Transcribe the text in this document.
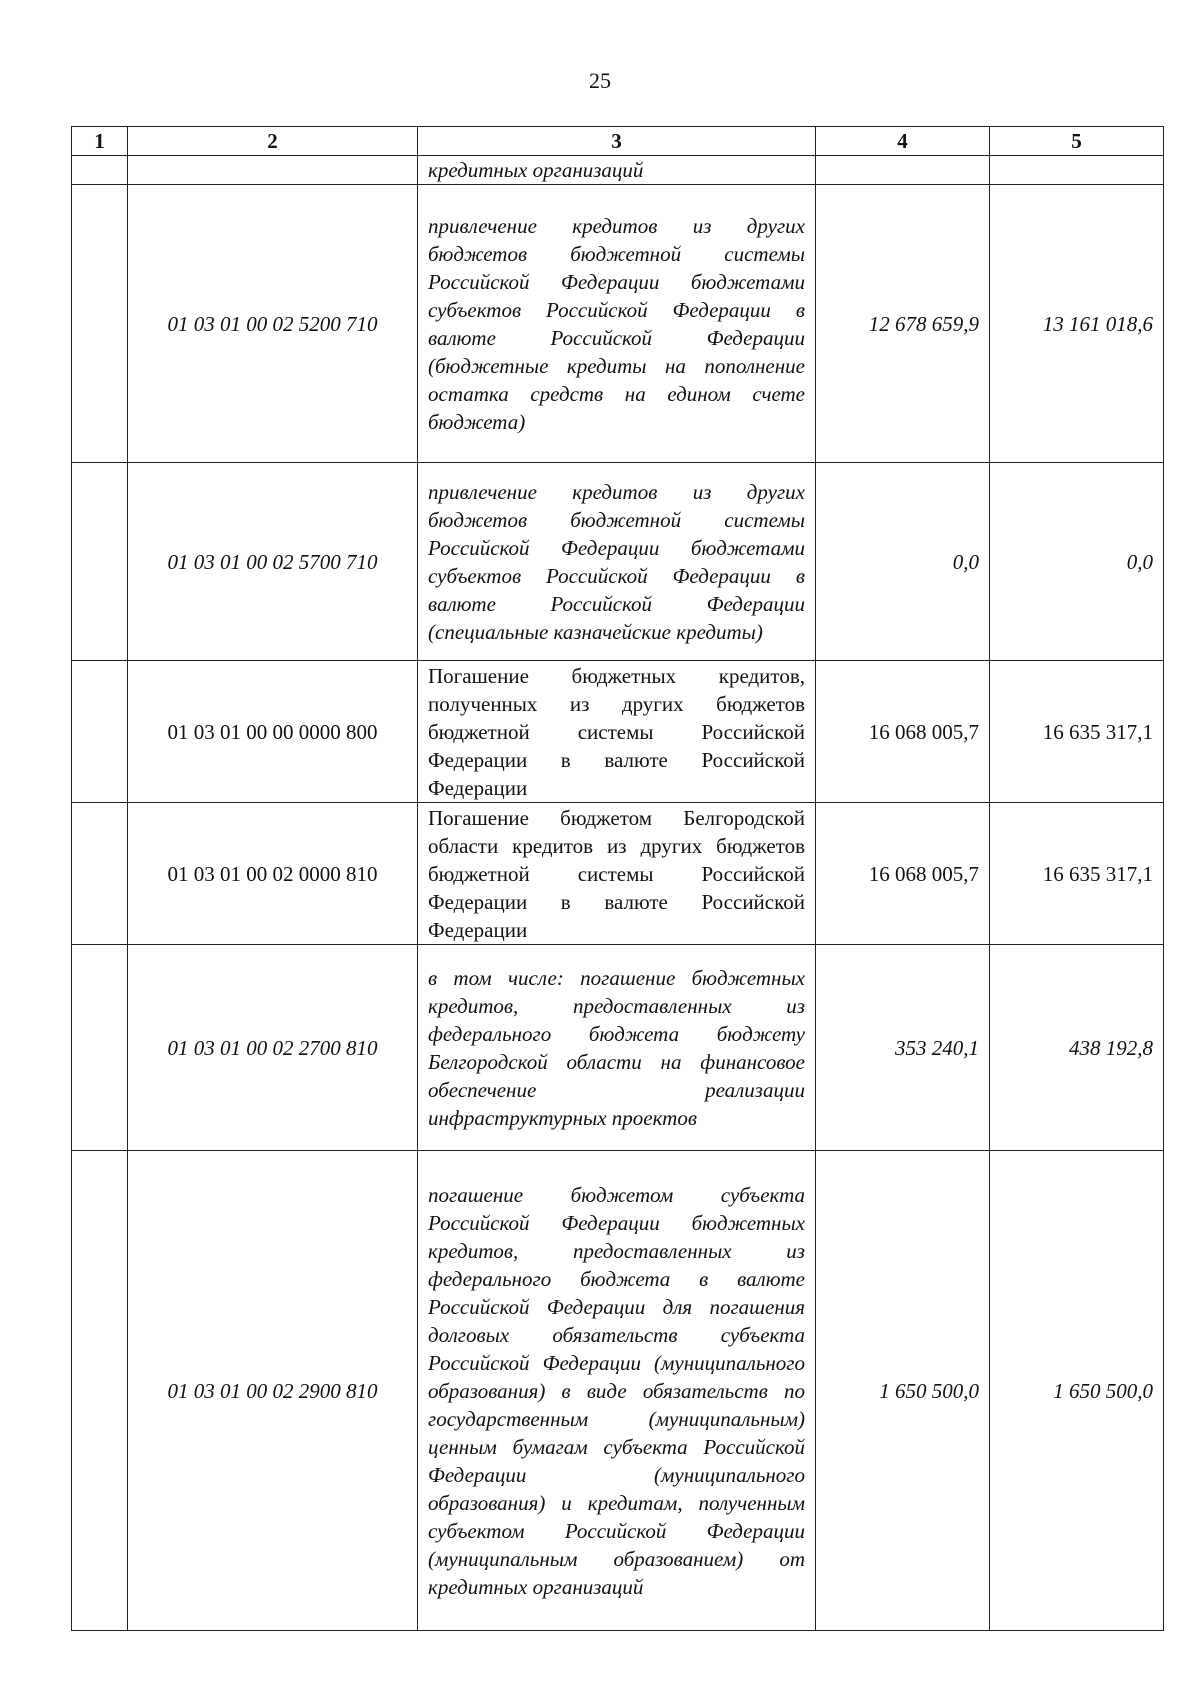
25
1	2	3	4	5
		кредитных организаций		
	01 03 01 00 02 5200 710	привлечение кредитов из других бюджетов бюджетной системы Российской Федерации бюджетами субъектов Российской Федерации в валюте Российской Федерации (бюджетные кредиты на пополнение остатка средств на едином счете бюджета)	12 678 659,9	13 161 018,6
	01 03 01 00 02 5700 710	привлечение кредитов из других бюджетов бюджетной системы Российской Федерации бюджетами субъектов Российской Федерации в валюте Российской Федерации (специальные казначейские кредиты)	0,0	0,0
	01 03 01 00 00 0000 800	Погашение бюджетных кредитов, полученных из других бюджетов бюджетной системы Российской Федерации в валюте Российской Федерации	16 068 005,7	16 635 317,1
	01 03 01 00 02 0000 810	Погашение бюджетом Белгородской области кредитов из других бюджетов бюджетной системы Российской Федерации в валюте Российской Федерации	16 068 005,7	16 635 317,1
	01 03 01 00 02 2700 810	в том числе: погашение бюджетных кредитов, предоставленных из федерального бюджета бюджету Белгородской области на финансовое обеспечение реализации инфраструктурных проектов	353 240,1	438 192,8
	01 03 01 00 02 2900 810	погашение бюджетом субъекта Российской Федерации бюджетных кредитов, предоставленных из федерального бюджета в валюте Российской Федерации для погашения долговых обязательств субъекта Российской Федерации (муниципального образования) в виде обязательств по государственным (муниципальным) ценным бумагам субъекта Российской Федерации (муниципального образования) и кредитам, полученным субъектом Российской Федерации (муниципальным образованием) от кредитных организаций	1 650 500,0	1 650 500,0
